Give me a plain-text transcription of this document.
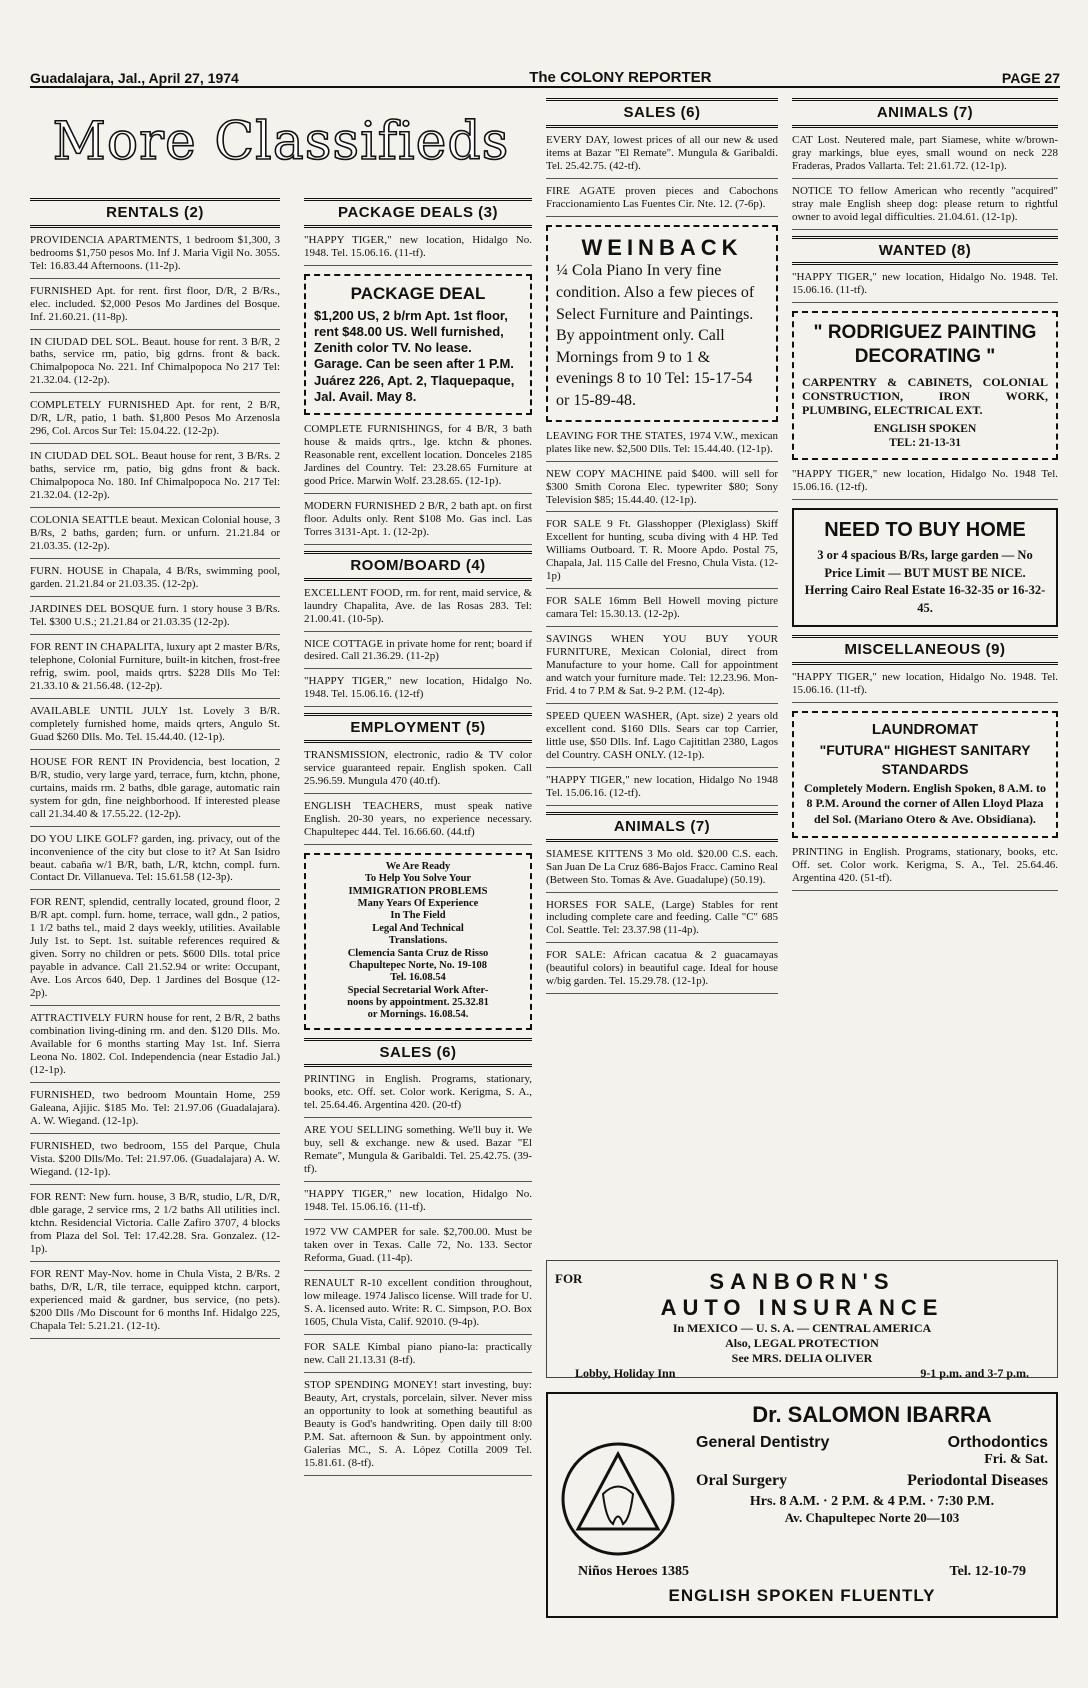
Guadalajara, Jal., April 27, 1974	The COLONY REPORTER	PAGE 27
More Classifieds
RENTALS (2)
PROVIDENCIA APARTMENTS, 1 bedroom $1,300, 3 bedrooms $1,750 pesos Mo. Inf J. Maria Vigil No. 3055. Tel: 16.83.44 Afternoons. (11-2p).
FURNISHED Apt. for rent. first floor, D/R, 2 B/Rs., elec. included. $2,000 Pesos Mo Jardines del Bosque. Inf. 21.60.21. (11-8p).
IN CIUDAD DEL SOL. Beaut. house for rent. 3 B/R, 2 baths, service rm, patio, big gdrns. front & back. Chimalpopoca No. 221. Inf Chimalpopoca No 217 Tel: 21.32.04. (12-2p).
COMPLETELY FURNISHED Apt. for rent, 2 B/R, D/R, L/R, patio, 1 bath. $1,800 Pesos Mo Arzenosla 296, Col. Arcos Sur Tel: 15.04.22. (12-2p).
IN CIUDAD DEL SOL. Beaut house for rent, 3 B/Rs. 2 baths, service rm, patio, big gdns front & back. Chimalpopoca No. 180. Inf Chimalpopoca No. 217 Tel: 21.32.04. (12-2p).
COLONIA SEATTLE beaut. Mexican Colonial house, 3 B/Rs, 2 baths, garden; furn. or unfurn. 21.21.84 or 21.03.35. (12-2p).
FURN. HOUSE in Chapala, 4 B/Rs, swimming pool, garden. 21.21.84 or 21.03.35. (12-2p).
JARDINES DEL BOSQUE furn. 1 story house 3 B/Rs. Tel. $300 U.S.; 21.21.84 or 21.03.35 (12-2p).
FOR RENT IN CHAPALITA, luxury apt 2 master B/Rs, telephone, Colonial Furniture, built-in kitchen, frost-free refrig, swim. pool, maids qrtrs. $228 Dlls Mo Tel: 21.33.10 & 21.56.48. (12-2p).
AVAILABLE UNTIL JULY 1st. Lovely 3 B/R. completely furnished home, maids qrters, Angulo St. Guad $260 Dlls. Mo. Tel. 15.44.40. (12-1p).
HOUSE FOR RENT IN Providencia, best location, 2 B/R, studio, very large yard, terrace, furn, ktchn, phone, curtains, maids rm. 2 baths, dble garage, automatic rain system for gdn, fine neighborhood. If interested please call 21.34.40 & 17.55.22. (12-2p).
DO YOU LIKE GOLF? garden, ing. privacy, out of the inconvenience of the city but close to it? At San Isidro beaut. cabaña w/1 B/R, bath, L/R, ktchn, compl. furn. Contact Dr. Villanueva. Tel: 15.61.58 (12-3p).
FOR RENT, splendid, centrally located, ground floor, 2 B/R apt. compl. furn. home, terrace, wall gdn., 2 patios, 1 1/2 baths tel., maid 2 days weekly, utilities. Available July 1st. to Sept. 1st. suitable references required & given. Sorry no children or pets. $600 Dlls. total price payable in advance. Call 21.52.94 or write: Occupant, Ave. Los Arcos 640, Dep. 1 Jardines del Bosque (12-2p).
ATTRACTIVELY FURN house for rent, 2 B/R, 2 baths combination living-dining rm. and den. $120 Dlls. Mo. Available for 6 months starting May 1st. Inf. Sierra Leona No. 1802. Col. Independencia (near Estadio Jal.) (12-1p).
FURNISHED, two bedroom Mountain Home, 259 Galeana, Ajijic. $185 Mo. Tel: 21.97.06 (Guadalajara). A. W. Wiegand. (12-1p).
FURNISHED, two bedroom, 155 del Parque, Chula Vista. $200 Dlls/Mo. Tel: 21.97.06. (Guadalajara) A. W. Wiegand. (12-1p).
FOR RENT: New furn. house, 3 B/R, studio, L/R, D/R, dble garage, 2 service rms, 2 1/2 baths All utilities incl. ktchn. Residencial Victoria. Calle Zafiro 3707, 4 blocks from Plaza del Sol. Tel: 17.42.28. Sra. Gonzalez. (12-1p).
FOR RENT May-Nov. home in Chula Vista, 2 B/Rs. 2 baths, D/R, L/R, tile terrace, equipped ktchn. carport, experienced maid & gardner, bus service, (no pets). $200 Dlls /Mo Discount for 6 months Inf. Hidalgo 225, Chapala Tel: 5.21.21. (12-1t).
PACKAGE DEALS (3)
"HAPPY TIGER," new location, Hidalgo No. 1948. Tel. 15.06.16. (11-tf).
PACKAGE DEAL
$1,200 US, 2 b/rm Apt. 1st floor, rent $48.00 US. Well furnished, Zenith color TV. No lease. Garage. Can be seen after 1 P.M. Juárez 226, Apt. 2, Tlaquepaque, Jal. Avail. May 8.
COMPLETE FURNISHINGS, for 4 B/R, 3 bath house & maids qrtrs., lge. ktchn & phones. Reasonable rent, excellent location. Donceles 2185 Jardines del Country. Tel: 23.28.65 Furniture at good Price. Marwin Wolf. 23.28.65. (12-1p).
MODERN FURNISHED 2 B/R, 2 bath apt. on first floor. Adults only. Rent $108 Mo. Gas incl. Las Torres 3131-Apt. 1. (12-2p).
ROOM/BOARD (4)
EXCELLENT FOOD, rm. for rent, maid service, & laundry Chapalita, Ave. de las Rosas 283. Tel: 21.00.41. (10-5p).
NICE COTTAGE in private home for rent; board if desired. Call 21.36.29. (11-2p)
"HAPPY TIGER," new location, Hidalgo No. 1948. Tel. 15.06.16. (12-tf)
EMPLOYMENT (5)
TRANSMISSION, electronic, radio & TV color service guaranteed repair. English spoken. Call 25.96.59. Mungula 470 (40.tf).
ENGLISH TEACHERS, must speak native English. 20-30 years, no experience necessary. Chapultepec 444. Tel. 16.66.60. (44.tf)
We Are Ready
To Help You Solve Your
IMMIGRATION PROBLEMS
Many Years Of Experience
In The Field
Legal And Technical
Translations.
Clemencia Santa Cruz de Risso
Chapultepec Norte, No. 19-108
Tel. 16.08.54
Special Secretarial Work After-
noons by appointment. 25.32.81
or Mornings. 16.08.54.
SALES (6)
PRINTING in English. Programs, stationary, books, etc. Off. set. Color work. Kerigma, S. A., tel. 25.64.46. Argentina 420. (20-tf)
ARE YOU SELLING something. We'll buy it. We buy, sell & exchange. new & used. Bazar "El Remate", Mungula & Garibaldi. Tel. 25.42.75. (39-tf).
"HAPPY TIGER," new location, Hidalgo No. 1948. Tel. 15.06.16. (11-tf).
1972 VW CAMPER for sale. $2,700.00. Must be taken over in Texas. Calle 72, No. 133. Sector Reforma, Guad. (11-4p).
RENAULT R-10 excellent condition throughout, low mileage. 1974 Jalisco license. Will trade for U. S. A. licensed auto. Write: R. C. Simpson, P.O. Box 1605, Chula Vista, Calif. 92010. (9-4p).
FOR SALE Kimbal piano piano-la: practically new. Call 21.13.31 (8-tf).
STOP SPENDING MONEY! start investing, buy: Beauty, Art, crystals, porcelain, silver. Never miss an opportunity to look at something beautiful as Beauty is God's handwriting. Open daily till 8:00 P.M. Sat. afternoon & Sun. by appointment only. Galerias MC., S. A. López Cotilla 2009 Tel. 15.81.61. (8-tf).
SALES (6)
EVERY DAY, lowest prices of all our new & used items at Bazar "El Remate". Mungula & Garibaldi. Tel. 25.42.75. (42-tf).
FIRE AGATE proven pieces and Cabochons Fraccionamiento Las Fuentes Cir. Nte. 12. (7-6p).
WEINBACK
¼ Cola Piano In very fine condition. Also a few pieces of Select Furniture and Paintings. By appointment only. Call Mornings from 9 to 1 & evenings 8 to 10 Tel: 15-17-54 or 15-89-48.
LEAVING FOR THE STATES, 1974 V.W., mexican plates like new. $2,500 Dlls. Tel: 15.44.40. (12-1p).
NEW COPY MACHINE paid $400. will sell for $300 Smith Corona Elec. typewriter $80; Sony Television $85; 15.44.40. (12-1p).
FOR SALE 9 Ft. Glasshopper (Plexiglass) Skiff Excellent for hunting, scuba diving with 4 HP. Ted Williams Outboard. T. R. Moore Apdo. Postal 75, Chapala, Jal. 115 Calle del Fresno, Chula Vista. (12-1p)
FOR SALE 16mm Bell Howell moving picture camara Tel: 15.30.13. (12-2p).
SAVINGS WHEN YOU BUY YOUR FURNITURE, Mexican Colonial, direct from Manufacture to your home. Call for appointment and watch your furniture made. Tel: 12.23.96. Mon-Frid. 4 to 7 P.M & Sat. 9-2 P.M. (12-4p).
SPEED QUEEN WASHER, (Apt. size) 2 years old excellent cond. $160 Dlls. Sears car top Carrier, little use, $50 Dlls. Inf. Lago Cajititlan 2380, Lagos del Country. CASH ONLY. (12-1p).
"HAPPY TIGER," new location, Hidalgo No 1948 Tel. 15.06.16. (12-tf).
ANIMALS (7)
SIAMESE KITTENS 3 Mo old. $20.00 C.S. each. San Juan De La Cruz 686-Bajos Fracc. Camino Real (Between Sto. Tomas & Ave. Guadalupe) (50.19).
HORSES FOR SALE, (Large) Stables for rent including complete care and feeding. Calle "C" 685 Col. Seattle. Tel: 23.37.98 (11-4p).
FOR SALE: African cacatua & 2 guacamayas (beautiful colors) in beautiful cage. Ideal for house w/big garden. Tel. 15.29.78. (12-1p).
ANIMALS (7)
CAT Lost. Neutered male, part Siamese, white w/brown-gray markings, blue eyes, small wound on neck 228 Fraderas, Prados Vallarta. Tel: 21.61.72. (12-1p).
NOTICE TO fellow American who recently "acquired" stray male English sheep dog: please return to rightful owner to avoid legal difficulties. 21.04.61. (12-1p).
WANTED (8)
"HAPPY TIGER," new location, Hidalgo No. 1948. Tel. 15.06.16. (11-tf).
" RODRIGUEZ PAINTING DECORATING "
CARPENTRY & CABINETS, COLONIAL CONSTRUCTION, IRON WORK, PLUMBING, ELECTRICAL EXT.
ENGLISH SPOKEN
TEL: 21-13-31
"HAPPY TIGER," new location, Hidalgo No. 1948 Tel. 15.06.16. (12-tf).
NEED TO BUY HOME
3 or 4 spacious B/Rs, large garden — No Price Limit — BUT MUST BE NICE. Herring Cairo Real Estate 16-32-35 or 16-32-45.
MISCELLANEOUS (9)
"HAPPY TIGER," new location, Hidalgo No. 1948. Tel. 15.06.16. (11-tf).
LAUNDROMAT
"FUTURA" HIGHEST SANITARY STANDARDS
Completely Modern. English Spoken, 8 A.M. to 8 P.M. Around the corner of Allen Lloyd Plaza del Sol. (Mariano Otero & Ave. Obsidiana).
PRINTING in English. Programs, stationary, books, etc. Off. set. Color work. Kerigma, S. A., Tel. 25.64.46. Argentina 420. (51-tf).
FOR	SANBORN'S
AUTO INSURANCE
In MEXICO — U. S. A. — CENTRAL AMERICA
Also, LEGAL PROTECTION
See MRS. DELIA OLIVER
Lobby, Holiday Inn	9-1 p.m. and 3-7 p.m.
Dr. SALOMON IBARRA
General Dentistry	Orthodontics
Fri. & Sat.
Oral Surgery	Periodontal Diseases
Hrs. 8 A.M. · 2 P.M. & 4 P.M. · 7:30 P.M.
Av. Chapultepec Norte 20—103
Niños Heroes 1385	Tel. 12-10-79
ENGLISH SPOKEN FLUENTLY
